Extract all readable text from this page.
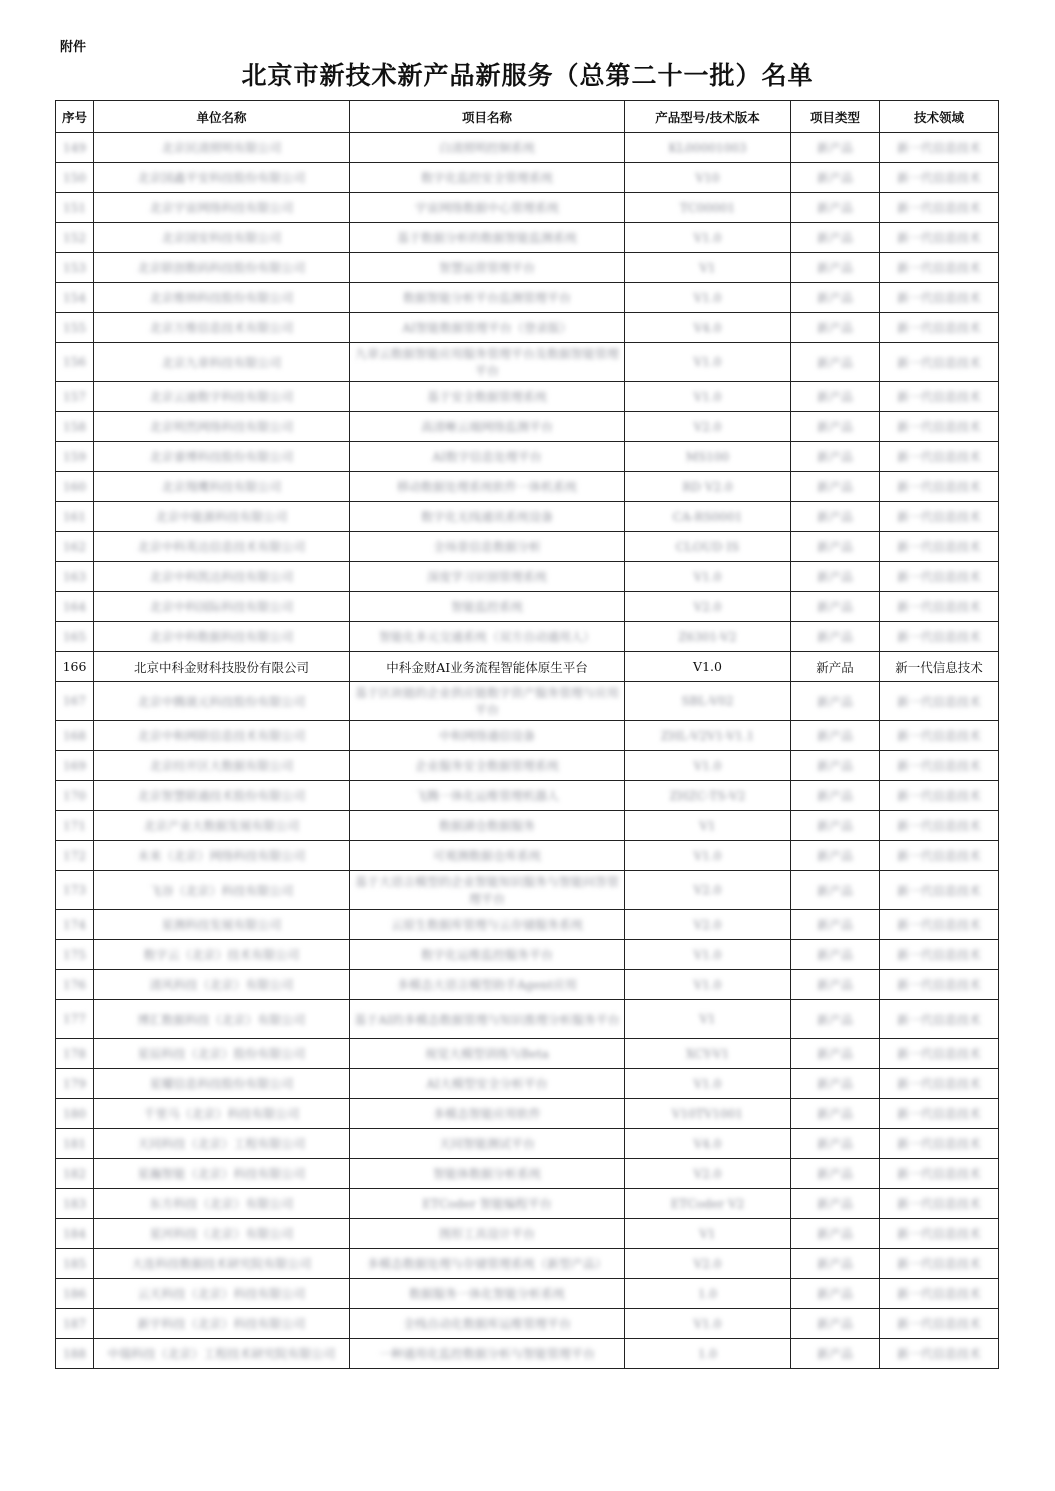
附件
北京市新技术新产品新服务（总第二十一批）名单
序号	单位名称	项目名称	产品型号/技术版本	项目类型	技术领域
149	北京民清照明有限公司	白清照明控制系统	KL00001003	新产品	新一代信息技术
150	北京国鑫平安科技股份有限公司	数字化监控安全管理系统	V10	新产品	新一代信息技术
151	北京宇宙网络科技有限公司	宇宙网络数据中心管理系统	TC00001	新产品	新一代信息技术
152	北京国安科技有限公司	基于数据分析的数据智能监测系统	V1.0	新产品	新一代信息技术
153	北京联创数码科技股份有限公司	智慧运营管理平台	V1	新产品	新一代信息技术
154	北京维纳科技股份有限公司	数据智能分析平台监测管理平台	V1.0	新产品	新一代信息技术
155	北京万维信息技术有限公司	AI智能数据管理平台（登录版）	V4.0	新产品	新一代信息技术
156	北京九章科技有限公司	九章云数据智能应用服务管理平台及数据智能管理平台	V1.0	新产品	新一代信息技术
157	北京云迪数字科技有限公司	基于安全数据管理系统	V1.0	新产品	新一代信息技术
158	北京明然网络科技有限公司	高清晰云端网络监测平台	V2.0	新产品	新一代信息技术
159	北京睿博科技股份有限公司	AI数字信息处理平台	MS100	新产品	新一代信息技术
160	北京翔鹰科技有限公司	移动数据处理系统软件一体机系统	RD V2.0	新产品	新一代信息技术
161	北京中能源科技有限公司	数字化无线通讯系统设备	CA-RS0001	新产品	新一代信息技术
162	北京中科英达信息技术有限公司	全场景信息数据分析	CLOUD IS	新产品	新一代信息技术
163	北京中科凯达科技有限公司	深度学习识别管理系统	V1.0	新产品	新一代信息技术
164	北京中科国际科技有限公司	智能监控系统	V2.0	新产品	新一代信息技术
165	北京中科数据科技有限公司	智能化多元交通系统（双方自动通用人）	Z6301-V2	新产品	新一代信息技术
166	北京中科金财科技股份有限公司	中科金财AI业务流程智能体原生平台	V1.0	新产品	新一代信息技术
167	北京中腾晟元科技股份有限公司	基于区块链的企业供应链数字资产服务管理与应用平台	SBL-V02	新产品	新一代信息技术
168	北京中和网联信息技术有限公司	中和网络通信设备	ZHL-V2V1-V1.1	新产品	新一代信息技术
169	北京经开区大数据有限公司	企业服务安全数据管理系统	V1.0	新产品	新一代信息技术
170	北京智慧联通技术股份有限公司	飞腾一体化运维管理机器人	ZHZC-TS-V2	新产品	新一代信息技术
171	北京产业大数据发展有限公司	数据湖仓数据服务	V1	新产品	新一代信息技术
172	未来（北京）网络科技有限公司	可观测数据仓库系统	V1.0	新产品	新一代信息技术
173	飞谷（北京）科技有限公司	基于大语言模型的企业智能知识服务与智能问答管理平台	V2.0	新产品	新一代信息技术
174	星测科技发展有限公司	云原生数据库管理与云存储服务系统	V2.0	新产品	新一代信息技术
175	数字云（北京）技术有限公司	数字化运维监控服务平台	V1.0	新产品	新一代信息技术
176	清风科技（北京）有限公司	多模态大语言模型助手Agent应用	V1.0	新产品	新一代信息技术
177	博汇数据科技（北京）有限公司	基于AI的多模态数据管理与知识推理分析服务平台	V1	新产品	新一代信息技术
178	星辰科技（北京）股份有限公司	视觉大模型训练与Beta	XCY-V1	新产品	新一代信息技术
179	星耀信息科技股份有限公司	AI大模型安全分析平台	V1.0	新产品	新一代信息技术
180	千里马（北京）科技有限公司	多模态智能应用软件	V10TV1001	新产品	新一代信息技术
181	天同科技（北京）工程有限公司	天同智能测试平台	V4.0	新产品	新一代信息技术
182	星瀚智能（北京）科技有限公司	智能体数据分析系统	V2.0	新产品	新一代信息技术
183	东方科技（北京）有限公司	ETCoder 智能编程平台	ETCoder V2	新产品	新一代信息技术
184	星河科技（北京）有限公司	图形工具设计平台	V1	新产品	新一代信息技术
185	大连科技数据技术研究院有限公司	多模态数据处理与存储管理系统（新型产品）	V2.0	新产品	新一代信息技术
186	云天科技（北京）科技有限公司	数据服务一体化智能分析系统	1.0	新产品	新一代信息技术
187	新宇科技（北京）科技有限公司	全栈自动化数据库运维管理平台	V1.0	新产品	新一代信息技术
188	中瑞科技（北京）工程技术研究院有限公司	一种通用化监控数据分析与智能管理平台	1.0	新产品	新一代信息技术
